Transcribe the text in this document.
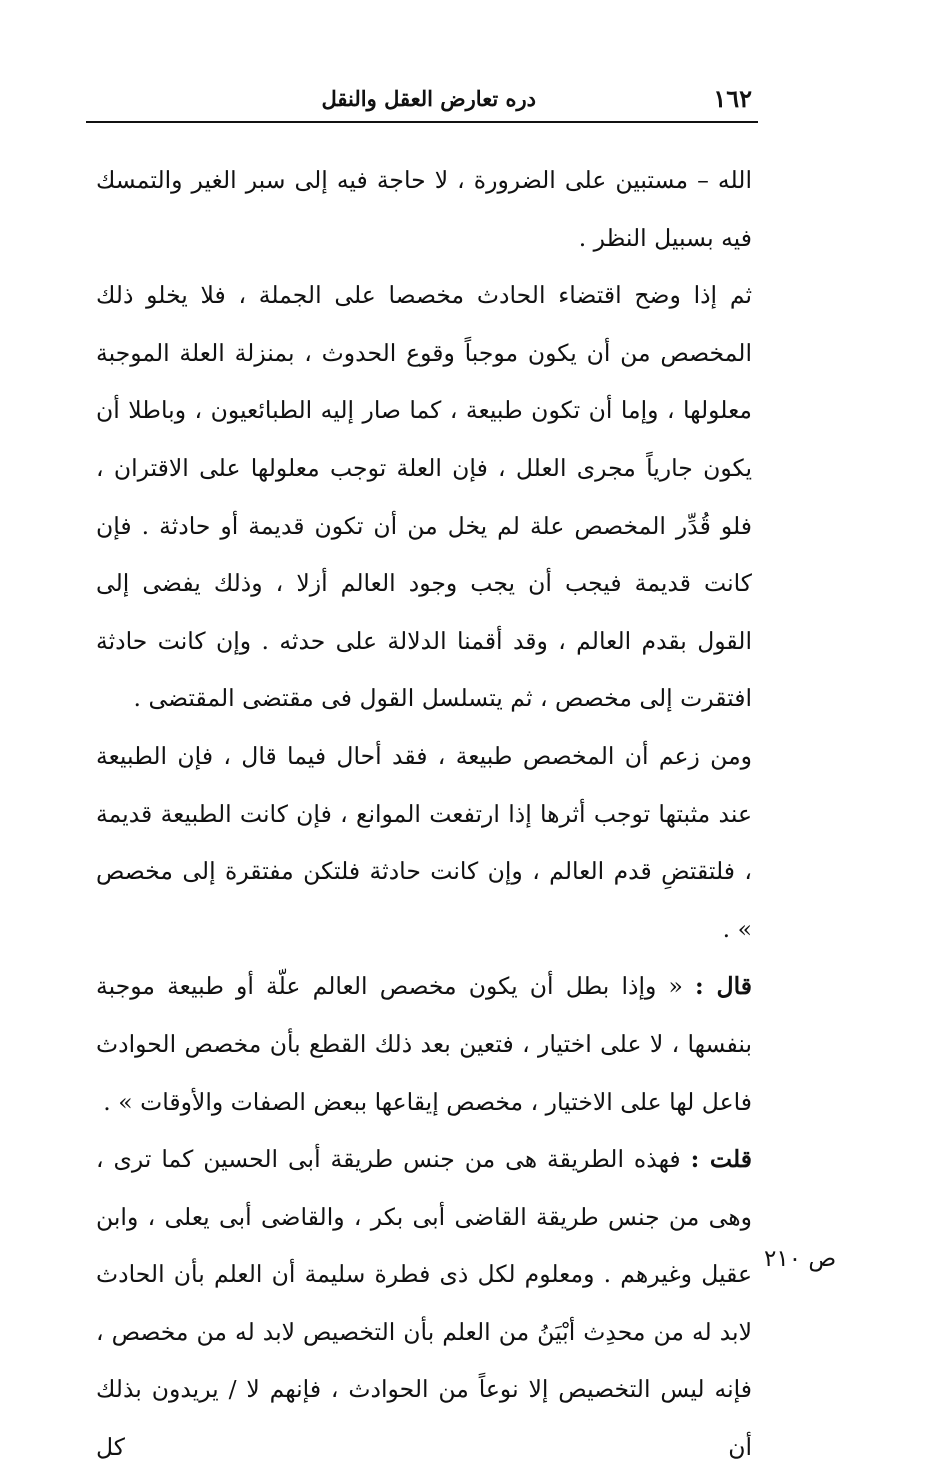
١٦٢
دره تعارض العقل والنقل

الله – مستبين على الضرورة ، لا حاجة فيه إلى سبر الغير والتمسك فيه بسبيل النظر .

ثم إذا وضح اقتضاء الحادث مخصصا على الجملة ، فلا يخلو ذلك المخصص من أن يكون موجباً وقوع الحدوث ، بمنزلة العلة الموجبة معلولها ، وإما أن تكون طبيعة ، كما صار إليه الطبائعيون ، وباطلا أن يكون جارياً مجرى العلل ، فإن العلة توجب معلولها على الاقتران ، فلو قُدِّر المخصص علة لم يخل من أن تكون قديمة أو حادثة . فإن كانت قديمة فيجب أن يجب وجود العالم أزلا ، وذلك يفضى إلى القول بقدم العالم ، وقد أقمنا الدلالة على حدثه . وإن كانت حادثة افتقرت إلى مخصص ، ثم يتسلسل القول فى مقتضى المقتضى .

ومن زعم أن المخصص طبيعة ، فقد أحال فيما قال ، فإن الطبيعة عند مثبتها توجب أثرها إذا ارتفعت الموانع ، فإن كانت الطبيعة قديمة ، فلتقتضِ قدم العالم ، وإن كانت حادثة فلتكن مفتقرة إلى مخصص » .

قال : « وإذا بطل أن يكون مخصص العالم علّة أو طبيعة موجبة بنفسها ، لا على اختيار ، فتعين بعد ذلك القطع بأن مخصص الحوادث فاعل لها على الاختيار ، مخصص إيقاعها ببعض الصفات والأوقات » .

قلت : فهذه الطريقة هى من جنس طريقة أبى الحسين كما ترى ، وهى من جنس طريقة القاضى أبى بكر ، والقاضى أبى يعلى ، وابن عقيل وغيرهم . ومعلوم لكل ذى فطرة سليمة أن العلم بأن الحادث لابد له من محدِث أبْيَنُ من العلم بأن التخصيص لابد له من مخصص ، فإنه ليس التخصيص إلا نوعاً من الحوادث ، فإنهم لا / يريدون بذلك أن كل

ص ٢١٠
